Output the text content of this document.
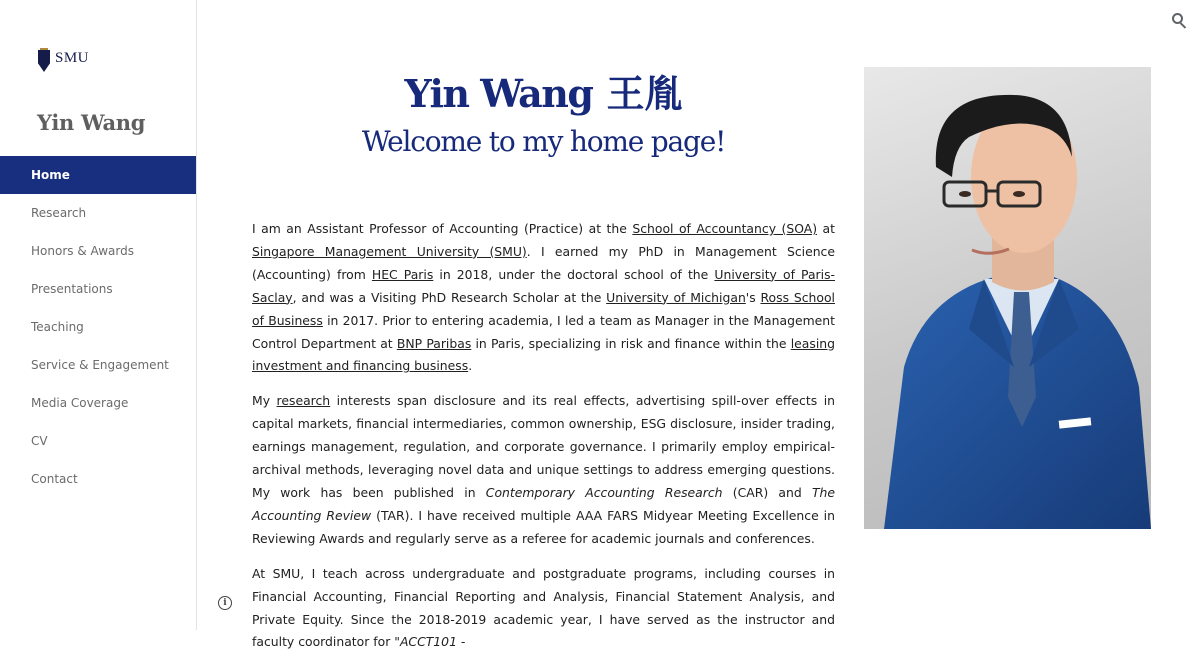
SMU
Yin Wang
Home
Research
Honors & Awards
Presentations
Teaching
Service & Engagement
Media Coverage
CV
Contact
i
Yin Wang 王胤
Welcome to my home page!

I am an Assistant Professor of Accounting (Practice) at the School of Accountancy (SOA) at Singapore Management University (SMU). I earned my PhD in Management Science (Accounting) from HEC Paris in 2018, under the doctoral school of the University of Paris-Saclay, and was a Visiting PhD Research Scholar at the University of Michigan's Ross School of Business in 2017. Prior to entering academia, I led a team as Manager in the Management Control Department at BNP Paribas in Paris, specializing in risk and finance within the leasing investment and financing business.

My research interests span disclosure and its real effects, advertising spill-over effects in capital markets, financial intermediaries, common ownership, ESG disclosure, insider trading, earnings management, regulation, and corporate governance. I primarily employ empirical-archival methods, leveraging novel data and unique settings to address emerging questions. My work has been published in Contemporary Accounting Research (CAR) and The Accounting Review (TAR). I have received multiple AAA FARS Midyear Meeting Excellence in Reviewing Awards and regularly serve as a referee for academic journals and conferences.

At SMU, I teach across undergraduate and postgraduate programs, including courses in Financial Accounting, Financial Reporting and Analysis, Financial Statement Analysis, and Private Equity. Since the 2018-2019 academic year, I have served as the instructor and faculty coordinator for "ACCT101 -
